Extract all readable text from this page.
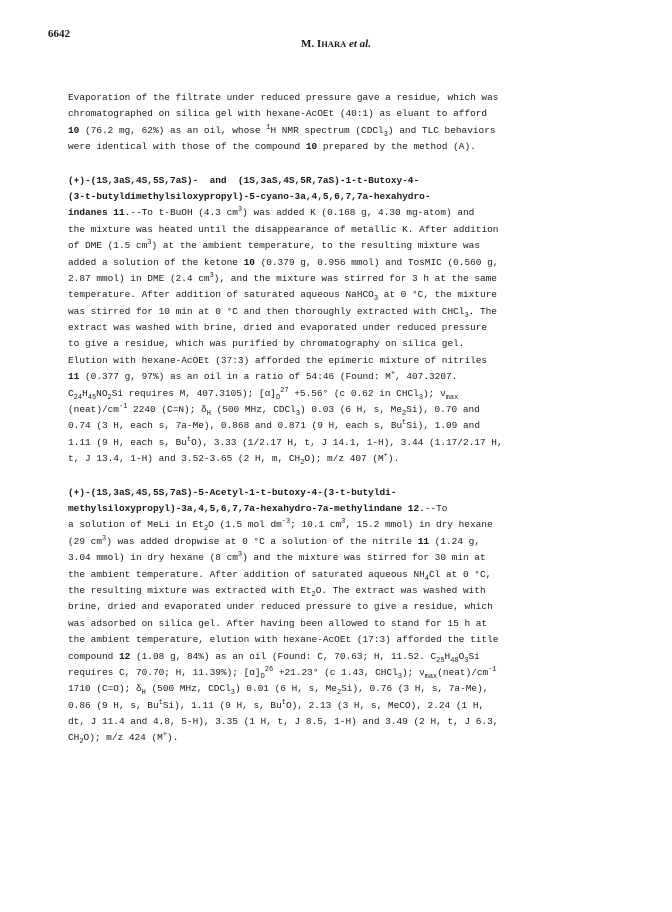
6642
M. IHARA et al.
Evaporation of the filtrate under reduced pressure gave a residue, which was
chromatographed on silica gel with hexane-AcOEt (40:1) as eluant to afford
10 (76.2 mg, 62%) as an oil, whose $^1$H NMR spectrum (CDCl$_3$) and TLC behaviors
were identical with those of the compound 10 prepared by the method (A).
(+)-(1S,3aS,4S,5S,7aS)-  and  (1S,3aS,4S,5R,7aS)-1-t-Butoxy-4-
(3-t-butyldimethylsiloxypropyl)-5-cyano-3a,4,5,6,7,7a-hexahydro-
indanes 11.--To t-BuOH (4.3 $cm^3$) was added K (0.168 g, 4.30 mg-atom) and
the mixture was heated until the disappearance of metallic K. After addition
of DME (1.5 $cm^3$) at the ambient temperature, to the resulting mixture was
added a solution of the ketone 10 (0.379 g, 0.956 mmol) and TosMIC (0.560 g,
2.87 mmol) in DME (2.4 $cm^3$), and the mixture was stirred for 3 h at the same
temperature. After addition of saturated aqueous NaHCO$_3$ at 0 °C, the mixture
was stirred for 10 min at 0 °C and then thoroughly extracted with CHCl$_3$. The
extract was washed with brine, dried and evaporated under reduced pressure
to give a residue, which was purified by chromatography on silica gel.
Elution with hexane-AcOEt (37:3) afforded the epimeric mixture of nitriles
11 (0.377 g, 97%) as an oil in a ratio of 54:46 (Found: M+, 407.3207.
$C_{24}H_{45}NO_2Si$ requires M, 407.3105); $[\alpha]_D^{27} +5.56^\circ$ (c 0.62 in CHCl$_3$); $\nu_{max}$
$(neat)/cm^{-1}$ 2240 (C=N); $\delta_H$ (500 MHz, CDCl$_3$) 0.03 (6 H, s, $Me_2Si$), 0.70 and
0.74 (3 H, each s, 7a-Me), 0.868 and 0.871 (9 H, each s, Bu$^t$Si), 1.09 and
1.11 (9 H, each s, Bu$^t$O), 3.33 (1/2.17 H, t, J 14.1, 1-H), 3.44 (1.17/2.17 H,
t, J 13.4, 1-H) and 3.52-3.65 (2 H, m, $CH_2O$); m/z 407 (M+).
(+)-(1S,3aS,4S,5S,7aS)-5-Acetyl-1-t-butoxy-4-(3-t-butyldi-
methylsiloxypropyl)-3a,4,5,6,7,7a-hexahydro-7a-methylindane 12.--To
a solution of MeLi in $Et_2O$ (1.5 mol $dm^{-3}$; 10.1 $cm^3$, 15.2 mmol) in dry hexane
(29 $cm^3$) was added dropwise at 0 °C a solution of the nitrile 11 (1.24 g,
3.04 mmol) in dry hexane (8 $cm^3$) and the mixture was stirred for 30 min at
the ambient temperature. After addition of saturated aqueous $NH_4Cl$ at 0 °C,
the resulting mixture was extracted with $Et_2O$. The extract was washed with
brine, dried and evaporated under reduced pressure to give a residue, which
was adsorbed on silica gel. After having been allowed to stand for 15 h at
the ambient temperature, elution with hexane-AcOEt (17:3) afforded the title
compound 12 (1.08 g, 84%) as an oil (Found: C, 70.63; H, 11.52. $C_{25}H_{48}O_3Si$
requires C, 70.70; H, 11.39%); $[\alpha]_D^{26} +21.23^\circ$ (c 1.43, CHCl$_3$); $\nu_{max}(neat)/cm^{-1}$
1710 (C=O); $\delta_H$ (500 MHz, CDCl$_3$) 0.01 (6 H, s, $Me_2Si$), 0.76 (3 H, s, 7a-Me),
0.86 (9 H, s, Bu$^t$Si), 1.11 (9 H, s, Bu$^t$O), 2.13 (3 H, s, MeCO), 2.24 (1 H,
dt, J 11.4 and 4.8, 5-H), 3.35 (1 H, t, J 8.5, 1-H) and 3.49 (2 H, t, J 6.3,
$CH_2O$); m/z 424 (M+).
